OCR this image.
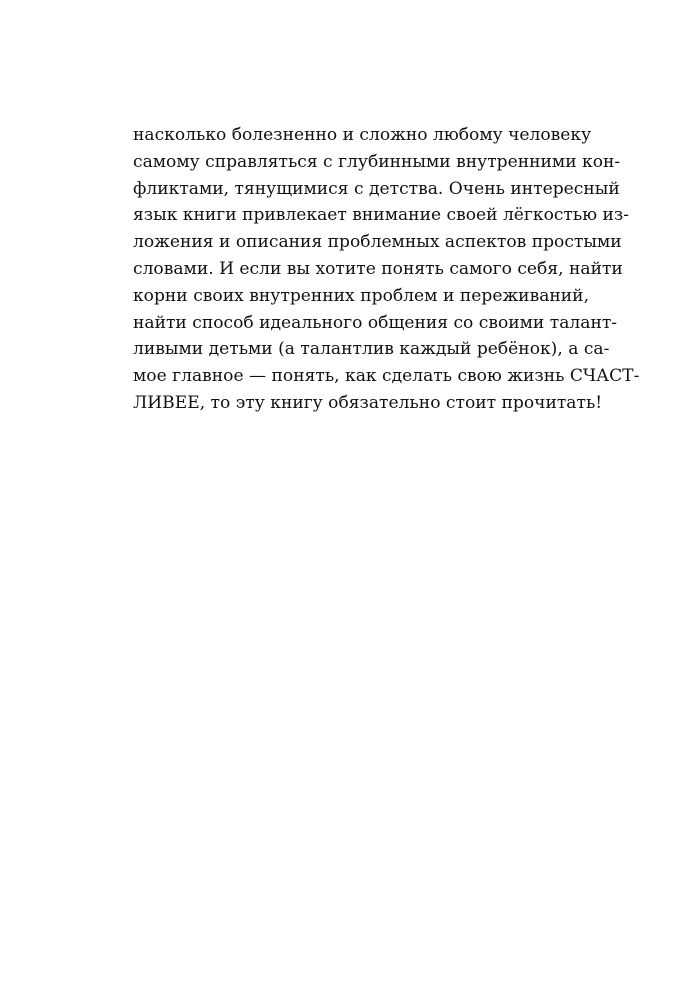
насколько болезненно и сложно любому человеку
самому справляться с глубинными внутренними кон-
фликтами, тянущимися с детства. Очень интересный
язык книги привлекает внимание своей лёгкостью из-
ложения и описания проблемных аспектов простыми
словами. И если вы хотите понять самого себя, найти
корни своих внутренних проблем и переживаний,
найти способ идеального общения со своими талант-
ливыми детьми (а талантлив каждый ребёнок), а са-
мое главное — понять, как сделать свою жизнь СЧАСТ-
ЛИВЕЕ, то эту книгу обязательно стоит прочитать!
